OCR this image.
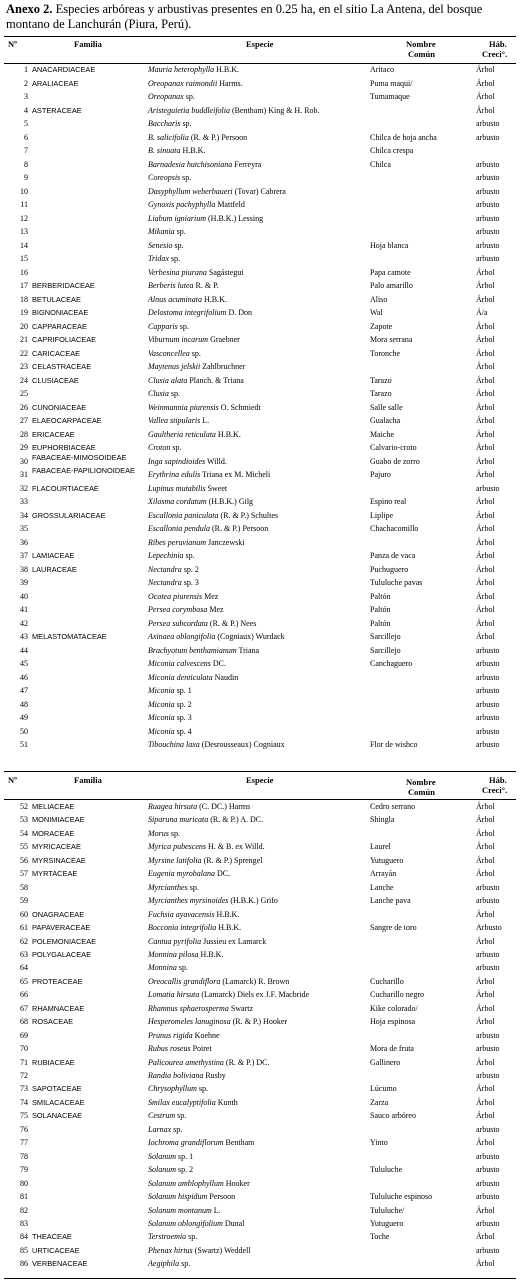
Anexo 2. Especies arbóreas y arbustivas presentes en 0.25 ha, en el sitio La Antena, del bosque montano de Lanchurán (Piura, Perú).
Nº	Familia	Especie	Nombre
Común
Háb.
Creci°.
1 ANACARDIACEAE	Mauria heterophylla H.B.K.	Aritaco	Árbol
2 ARALIACEAE	Oreopanax raimondii Harms.	Puma maqui/	Árbol
3	Oreopanax sp.	Tumamaque	Árbol
4 ASTERACEAE	Aristeguietia buddleifolia (Bentham) King & H. Rob.	Árbol
5	Baccharis sp.	arbusto
6	B. salicifolia (R. & P.) Persoon	Chilca de hoja ancha	arbusto
7	B. sinuata H.B.K.	Chilca crespa
8	Barnadesia hutchisoniana Ferreyra	Chilca	arbusto
9	Coreopsis sp.	arbusto
10	Dasyphyllum weberbaueri (Tovar) Cabrera	arbusto
11	Gynoxis pachyphylla Mattfeld	arbusto
12	Liabum igniarium (H.B.K.) Lessing	arbusto
13	Mikania sp.	arbusto
14	Senesio sp.	Hoja blanca	arbusto
15	Tridax sp.	arbusto
16	Verbesina piurana Sagástegui	Papa camote	Árbol
17 BERBERIDACEAE	Berberis lutea R. & P.	Palo amarillo	Árbol
18 BETULACEAE	Alnus acuminata H.B.K.	Aliso	Árbol
19 BIGNONIACEAE	Delostoma integrifolium D. Don	Wal	Á/a
20 CAPPARACEAE	Capparis sp.	Zapote	Árbol
21 CAPRIFOLIACEAE	Viburnum incarum Graebner	Mora serrana	Árbol
22 CARICACEAE	Vasconcellea sp.	Toronche	Árbol
23 CELASTRACEAE	Maytenus jelskii Zahlbruchner	Árbol
24 CLUSIACEAE	Clusia alata Planch. & Triana	Tarazo	Árbol
25	Clusia sp.	Tarazo	Árbol
26 CUNONIACEAE	Weinmannia piurensis O. Schmiedt	Salle salle	Árbol
27 ELAEOCARPACEAE	Vallea stipularis L.	Gualacha	Árbol
28 ERICACEAE	Gaultheria reticulata H.B.K.	Maiche	Árbol
29 EUPHORBIACEAE	Croton sp.	Calvario-croto	Árbol
30 FABACEAE-MIMOSOIDEAE	Inga sapindioides Willd.	Guabo de zorro	Árbol
31 FABACEAE-PAPILIONOIDEAE	Erythrina edulis Triana ex M. Micheli	Pajuro	Árbol
32 FLACOURTIACEAE	Lupinus mutabilis Sweet	arbusto
33	Xilosma cordatum (H.B.K.) Gilg	Espino real	Árbol
34 GROSSULARIACEAE	Escallonia paniculata (R. & P.) Schultes	Liplipe	Árbol
35	Escallonia pendula (R. & P.) Persoon	Chachacomillo	Árbol
36	Ribes peruvianum Janczewski	Árbol
37 LAMIACEAE	Lepechinia sp.	Panza de vaca	Árbol
38 LAURACEAE	Nectandra sp. 2	Puchuguero	Árbol
39	Nectandra sp. 3	Tululuche pavas	Árbol
40	Ocotea piurensis Mez	Paltón	Árbol
41	Persea corymbosa Mez	Paltón	Árbol
42	Persea subcordata (R. & P.) Nees	Paltón	Árbol
43 MELASTOMATACEAE	Axinaea oblongifolia (Cogniaux) Wurdack	Sarcillejo	Árbol
44	Brachyotum benthamianum Triana	Sarcillejo	arbusto
45	Miconia calvescens DC.	Canchaguero	arbusto
46	Miconia denticulata Naudin	arbusto
47	Miconia sp. 1	arbusto
48	Miconia sp. 2	arbusto
49	Miconia sp. 3	arbusto
50	Miconia sp. 4	arbusto
51	Tibouchina laxa (Desrousseaux) Cogniaux	Flor de wishco	arbusto
Nº	Familia	Especie	Nombre
Común
Háb.
Creci°.
52 MELIACEAE	Ruagea hirsuta (C. DC.) Harms	Cedro serrano	Árbol
53 MONIMIACEAE	Siparuna muricata (R. & P.) A. DC.	Shingla	Árbol
54 MORACEAE	Morus sp.	Árbol
55 MYRICACEAE	Myrica pubescens H. & B. ex Willd.	Laurel	Árbol
56 MYRSINACEAE	Myrsine latifolia (R. & P.) Sprengel	Yutuguero	Árbol
57 MYRTACEAE	Eugenia myrobalana DC.	Arrayán	Árbol
58	Myrcianthes sp.	Lanche	arbusto
59	Myrcianthes myrsinoides (H.B.K.) Grifo	Lanche pava	arbusto
60 ONAGRACEAE	Fuchsia ayavacensis H.B.K.	Árbol
61 PAPAVERACEAE	Bocconia integrifolia H.B.K.	Sangre de toro	Arbusto
62 POLEMONIACEAE	Cantua pyrifolia Jussieu ex Lamarck	Árbol
63 POLYGALACEAE	Monnina pilosa H.B.K.	arbusto
64	Monnina sp.	arbusto
65 PROTEACEAE	Oreocallis grandiflora (Lamarck) R. Brown	Cucharillo	Árbol
66	Lomatia hirsuta (Lamarck) Diels ex J.F. Macbride	Cucharillo negro	Árbol
67 RHAMNACEAE	Rhamnus sphaerosperma Swartz	Kike colorado/	Árbol
68 ROSACEAE	Hesperomeles lanuginosa (R. & P.) Hooker	Hoja espinosa	Árbol
69	Prunus rigida Koehne	arbusto
70	Rubus roseus Poiret	Mora de fruta	arbusto
71 RUBIACEAE	Palicourea amethystina (R. & P.) DC.	Gallinero	Árbol
72	Randia boliviana Rusby	arbusto
73 SAPOTACEAE	Chrysophyllum sp.	Lúcumo	Árbol
74 SMILACACEAE	Smilax eucalyptifolia Kunth	Zarza	Árbol
75 SOLANACEAE	Cestrum sp.	Sauco arbóreo	Árbol
76	Larnax sp.	arbusto
77	Iochroma grandiflorum Bentham	Yinto	Árbol
78	Solanum sp. 1	arbusto
79	Solanum sp. 2	Tululuche	arbusto
80	Solanum amblophyllum Hooker	arbusto
81	Solanum hispidum Persoon	Tululuche espinoso	arbusto
82	Solanum montanum L.	Tululuche/	Árbol
83	Solanum oblongifolium Dunal	Yutuguero	arbusto
84 THEACEAE	Terstroemia sp.	Toche	Árbol
85 URTICACEAE	Phenax hirtus (Swartz) Weddell	arbusto
86 VERBENACEAE	Aegiphila sp.	Árbol
